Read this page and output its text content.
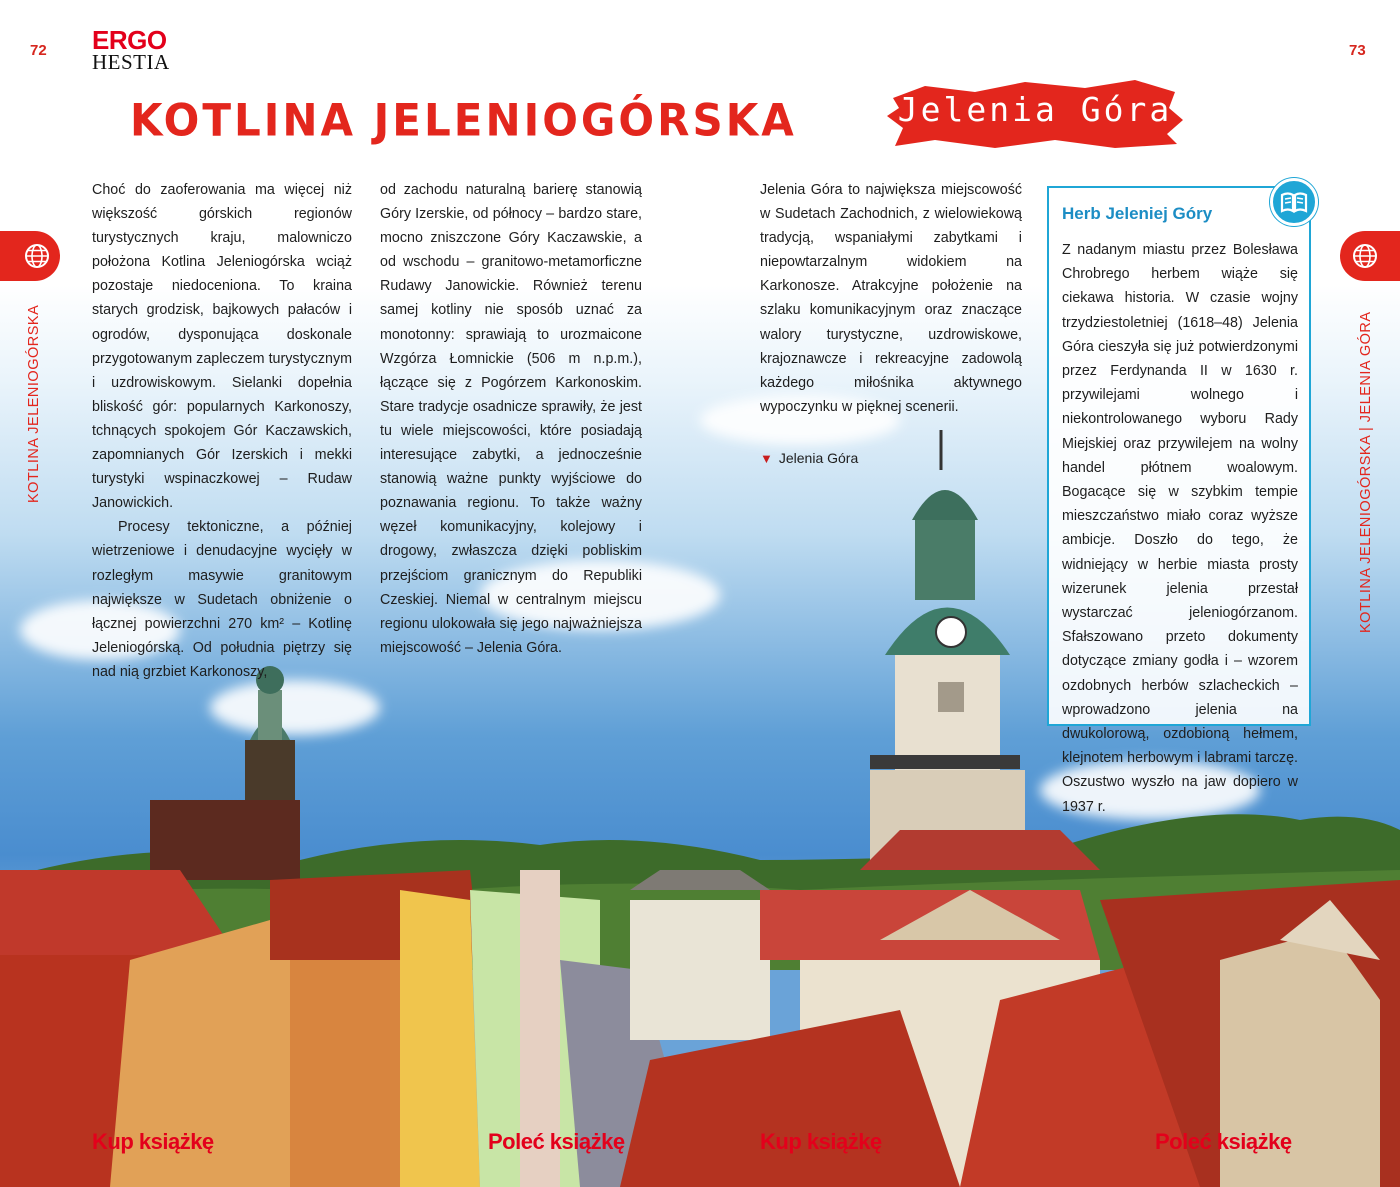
72	73
ERGO
HESTIA
KOTLINA JELENIOGÓRSKA	Jelenia Góra

Choć do zaoferowania ma więcej niż większość górskich regionów turystycznych kraju, malowniczo położona Kotlina Jeleniogórska wciąż pozostaje niedoceniona. To kraina starych grodzisk, bajkowych pałaców i ogrodów, dysponująca doskonale przygotowanym zapleczem turystycznym i uzdrowiskowym. Sielanki dopełnia bliskość gór: popularnych Karkonoszy, tchnących spokojem Gór Kaczawskich, zapomnianych Gór Izerskich i mekki turystyki wspinaczkowej – Rudaw Janowickich.

Procesy tektoniczne, a później wietrzeniowe i denudacyjne wycięły w rozległym masywie granitowym największe w Sudetach obniżenie o łącznej powierzchni 270 km² – Kotlinę Jeleniogórską. Od południa piętrzy się nad nią grzbiet Karkonoszy,

od zachodu naturalną barierę stanowią Góry Izerskie, od północy – bardzo stare, mocno zniszczone Góry Kaczawskie, a od wschodu – granitowo-metamorficzne Rudawy Janowickie. Również terenu samej kotliny nie sposób uznać za monotonny: sprawiają to urozmaicone Wzgórza Łomnickie (506 m n.p.m.), łączące się z Pogórzem Karkonoskim. Stare tradycje osadnicze sprawiły, że jest tu wiele miejscowości, które posiadają interesujące zabytki, a jednocześnie stanowią ważne punkty wyjściowe do poznawania regionu. To także ważny węzeł komunikacyjny, kolejowy i drogowy, zwłaszcza dzięki pobliskim przejściom granicznym do Republiki Czeskiej. Niemal w centralnym miejscu regionu ulokowała się jego najważniejsza miejscowość – Jelenia Góra.

Jelenia Góra to największa miejscowość w Sudetach Zachodnich, z wielowiekową tradycją, wspaniałymi zabytkami i niepowtarzalnym widokiem na Karkonosze. Atrakcyjne położenie na szlaku komunikacyjnym oraz znaczące walory turystyczne, uzdrowiskowe, krajoznawcze i rekreacyjne zadowolą każdego miłośnika aktywnego wypoczynku w pięknej scenerii.

▼ Jelenia Góra
Herb Jeleniej Góry
Z nadanym miastu przez Bolesława Chrobrego herbem wiąże się ciekawa historia. W czasie wojny trzydziestoletniej (1618–48) Jelenia Góra cieszyła się już potwierdzonymi przez Ferdynanda II w 1630 r. przywilejami wolnego i niekontrolowanego wyboru Rady Miejskiej oraz przywilejem na wolny handel płótnem woalowym. Bogacące się w szybkim tempie mieszczaństwo miało coraz wyższe ambicje. Doszło do tego, że widniejący w herbie miasta prosty wizerunek jelenia przestał wystarczać jeleniogórzanom. Sfałszowano przeto dokumenty dotyczące zmiany godła i – wzorem ozdobnych herbów szlacheckich – wprowadzono jelenia na dwukolorową, ozdobioną hełmem, klejnotem herbowym i labrami tarczę. Oszustwo wyszło na jaw dopiero w 1937 r.
KOTLINA JELENIOGÓRSKA	KOTLINA JELENIOGÓRSKA | JELENIA GÓRA
Kup książkę	Poleć książkę	Kup książkę	Poleć książkę
